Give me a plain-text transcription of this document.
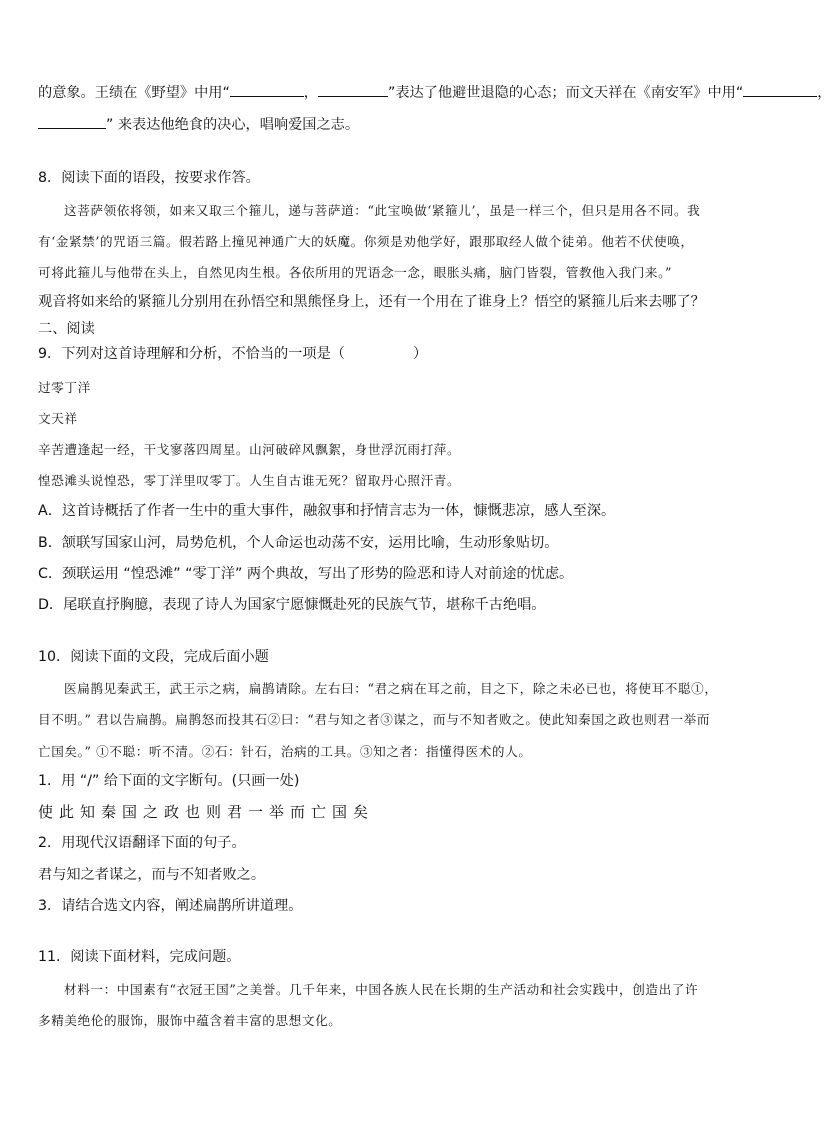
的意象。王绩在《野望》中用“	，	”表达了他避世退隐的心态；而文天祥在《南安军》中用“	，
” 来表达他绝食的决心，唱响爱国之志。
8．阅读下面的语段，按要求作答。
这菩萨领依将领，如来又取三个箍儿，递与菩萨道：“此宝唤做‘紧箍儿’，虽是一样三个，但只是用各不同。我
有‘金紧禁’的咒语三篇。假若路上撞见神通广大的妖魔。你须是劝他学好，跟那取经人做个徒弟。他若不伏使唤，
可将此箍儿与他带在头上，自然见肉生根。各依所用的咒语念一念，眼胀头痛，脑门皆裂，管教他入我门来。”
观音将如来给的紧箍儿分别用在孙悟空和黑熊怪身上，还有一个用在了谁身上？悟空的紧箍儿后来去哪了？
二、阅读
9．下列对这首诗理解和分析，不恰当的一项是（	）
过零丁洋
文天祥
辛苦遭逢起一经，干戈寥落四周星。山河破碎风飘絮，身世浮沉雨打萍。
惶恐滩头说惶恐，零丁洋里叹零丁。人生自古谁无死？留取丹心照汗青。
A．这首诗概括了作者一生中的重大事件，融叙事和抒情言志为一体，慷慨悲凉，感人至深。
B．颔联写国家山河，局势危机，个人命运也动荡不安，运用比喻，生动形象贴切。
C．颈联运用 “惶恐滩” “零丁洋” 两个典故，写出了形势的险恶和诗人对前途的忧虑。
D．尾联直抒胸臆，表现了诗人为国家宁愿慷慨赴死的民族气节，堪称千古绝唱。
10．阅读下面的文段，完成后面小题
医扁鹊见秦武王，武王示之病，扁鹊请除。左右曰：“君之病在耳之前，目之下，除之未必已也，将使耳不聪①，
目不明。” 君以告扁鹊。扁鹊怒而投其石②曰：“君与知之者③谋之，而与不知者败之。使此知秦国之政也则君一举而
亡国矣。” ①不聪：听不清。②石：针石，治病的工具。③知之者：指懂得医术的人。
1．用 “/” 给下面的文字断句。(只画一处)
使此知秦国之政也则君一举而亡国矣
2．用现代汉语翻译下面的句子。
君与知之者谋之，而与不知者败之。
3．请结合选文内容，阐述扁鹊所讲道理。
11．阅读下面材料，完成问题。
材料一：中国素有“衣冠王国”之美誉。几千年来，中国各族人民在长期的生产活动和社会实践中，创造出了许
多精美绝伦的服饰，服饰中蕴含着丰富的思想文化。
